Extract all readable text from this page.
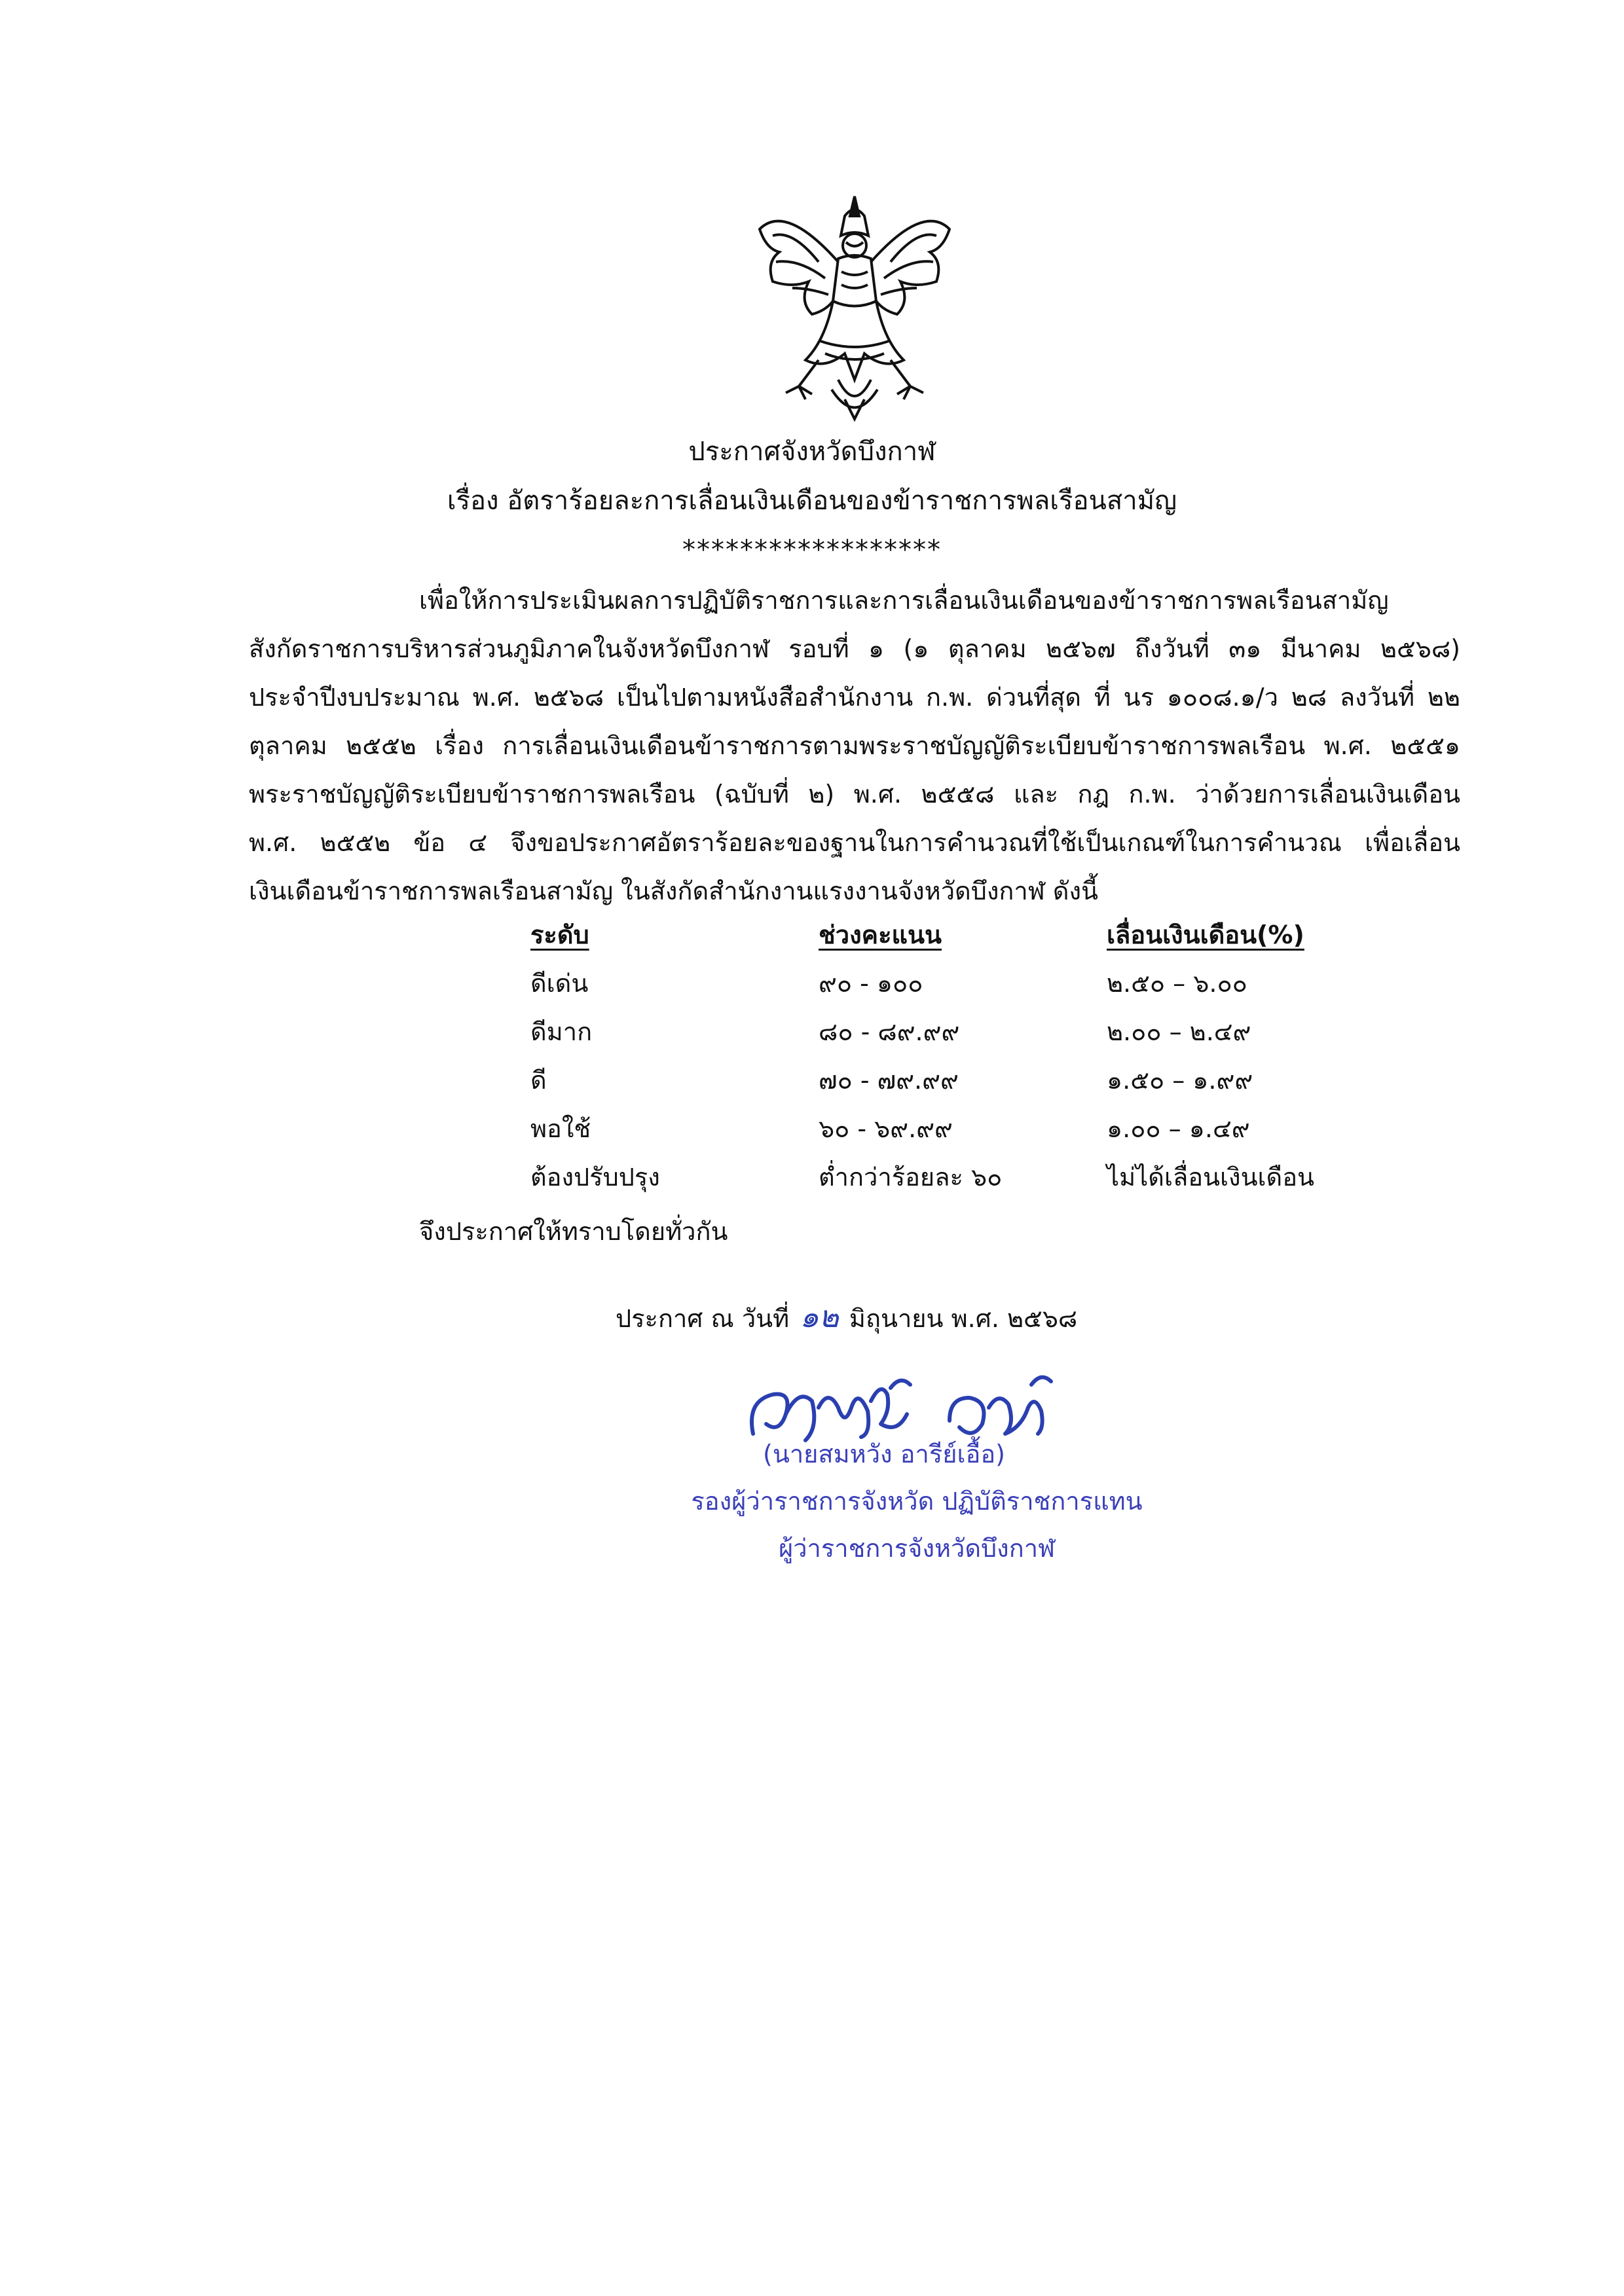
ประกาศจังหวัดบึงกาฬ
เรื่อง อัตราร้อยละการเลื่อนเงินเดือนของข้าราชการพลเรือนสามัญ
******************
เพื่อให้การประเมินผลการปฏิบัติราชการและการเลื่อนเงินเดือนของข้าราชการพลเรือนสามัญ
สังกัดราชการบริหารส่วนภูมิภาคในจังหวัดบึงกาฬ รอบที่ ๑ (๑ ตุลาคม ๒๕๖๗ ถึงวันที่ ๓๑ มีนาคม ๒๕๖๘)
ประจำปีงบประมาณ พ.ศ. ๒๕๖๘ เป็นไปตามหนังสือสำนักงาน ก.พ. ด่วนที่สุด ที่ นร ๑๐๐๘.๑/ว ๒๘ ลงวันที่ ๒๒
ตุลาคม ๒๕๕๒ เรื่อง การเลื่อนเงินเดือนข้าราชการตามพระราชบัญญัติระเบียบข้าราชการพลเรือน พ.ศ. ๒๕๕๑
พระราชบัญญัติระเบียบข้าราชการพลเรือน (ฉบับที่ ๒) พ.ศ. ๒๕๕๘ และ กฎ ก.พ. ว่าด้วยการเลื่อนเงินเดือน
พ.ศ. ๒๕๕๒ ข้อ ๔ จึงขอประกาศอัตราร้อยละของฐานในการคำนวณที่ใช้เป็นเกณฑ์ในการคำนวณ เพื่อเลื่อน
เงินเดือนข้าราชการพลเรือนสามัญ ในสังกัดสำนักงานแรงงานจังหวัดบึงกาฬ ดังนี้
ระดับ	ช่วงคะแนน	เลื่อนเงินเดือน(%)
ดีเด่น	๙๐ - ๑๐๐	๒.๕๐ – ๖.๐๐
ดีมาก	๘๐ - ๘๙.๙๙	๒.๐๐ – ๒.๔๙
ดี	๗๐ - ๗๙.๙๙	๑.๕๐ – ๑.๙๙
พอใช้	๖๐ - ๖๙.๙๙	๑.๐๐ – ๑.๔๙
ต้องปรับปรุง	ต่ำกว่าร้อยละ ๖๐	ไม่ได้เลื่อนเงินเดือน
จึงประกาศให้ทราบโดยทั่วกัน
ประกาศ ณ วันที่ ๑๒ มิถุนายน พ.ศ. ๒๕๖๘
(นายสมหวัง อารีย์เอื้อ)
รองผู้ว่าราชการจังหวัด ปฏิบัติราชการแทน
ผู้ว่าราชการจังหวัดบึงกาฬ
